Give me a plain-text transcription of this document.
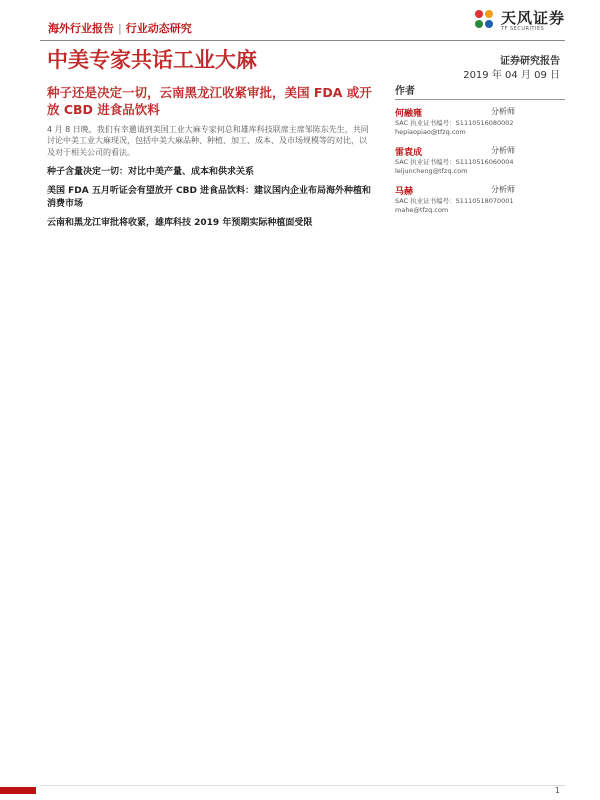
海外行业报告 | 行业动态研究
天风证券
TF SECURITIES
中美专家共话工业大麻	证券研究报告
2019 年 04 月 09 日
种子还是决定一切，云南黑龙江收紧审批，美国 FDA 或开放 CBD 进食品饮料
作者
何融雍	分析师
SAC 执业证书编号：S1110516080002
hepiaopiao@tfzq.com
雷袁成	分析师
SAC 执业证书编号：S1110516060004
leijuncheng@tfzq.com
马赫	分析师
SAC 执业证书编号：S1110518070001
mahe@tfzq.com

4 月 8 日晚，我们有幸邀请到美国工业大麻专家何总和雄库科技联席主席邹陈东先生，共同讨论中美工业大麻现况，包括中美大麻品种、种植、加工、成本、及市场规模等的对比，以及对于相关公司的看法。

种子含量决定一切：对比中美产量、成本和供求关系
美国 FDA 五月听证会有望放开 CBD 进食品饮料：建议国内企业布局海外种植和消费市场
云南和黑龙江审批将收紧，雄库科技 2019 年预期实际种植面受限
1
